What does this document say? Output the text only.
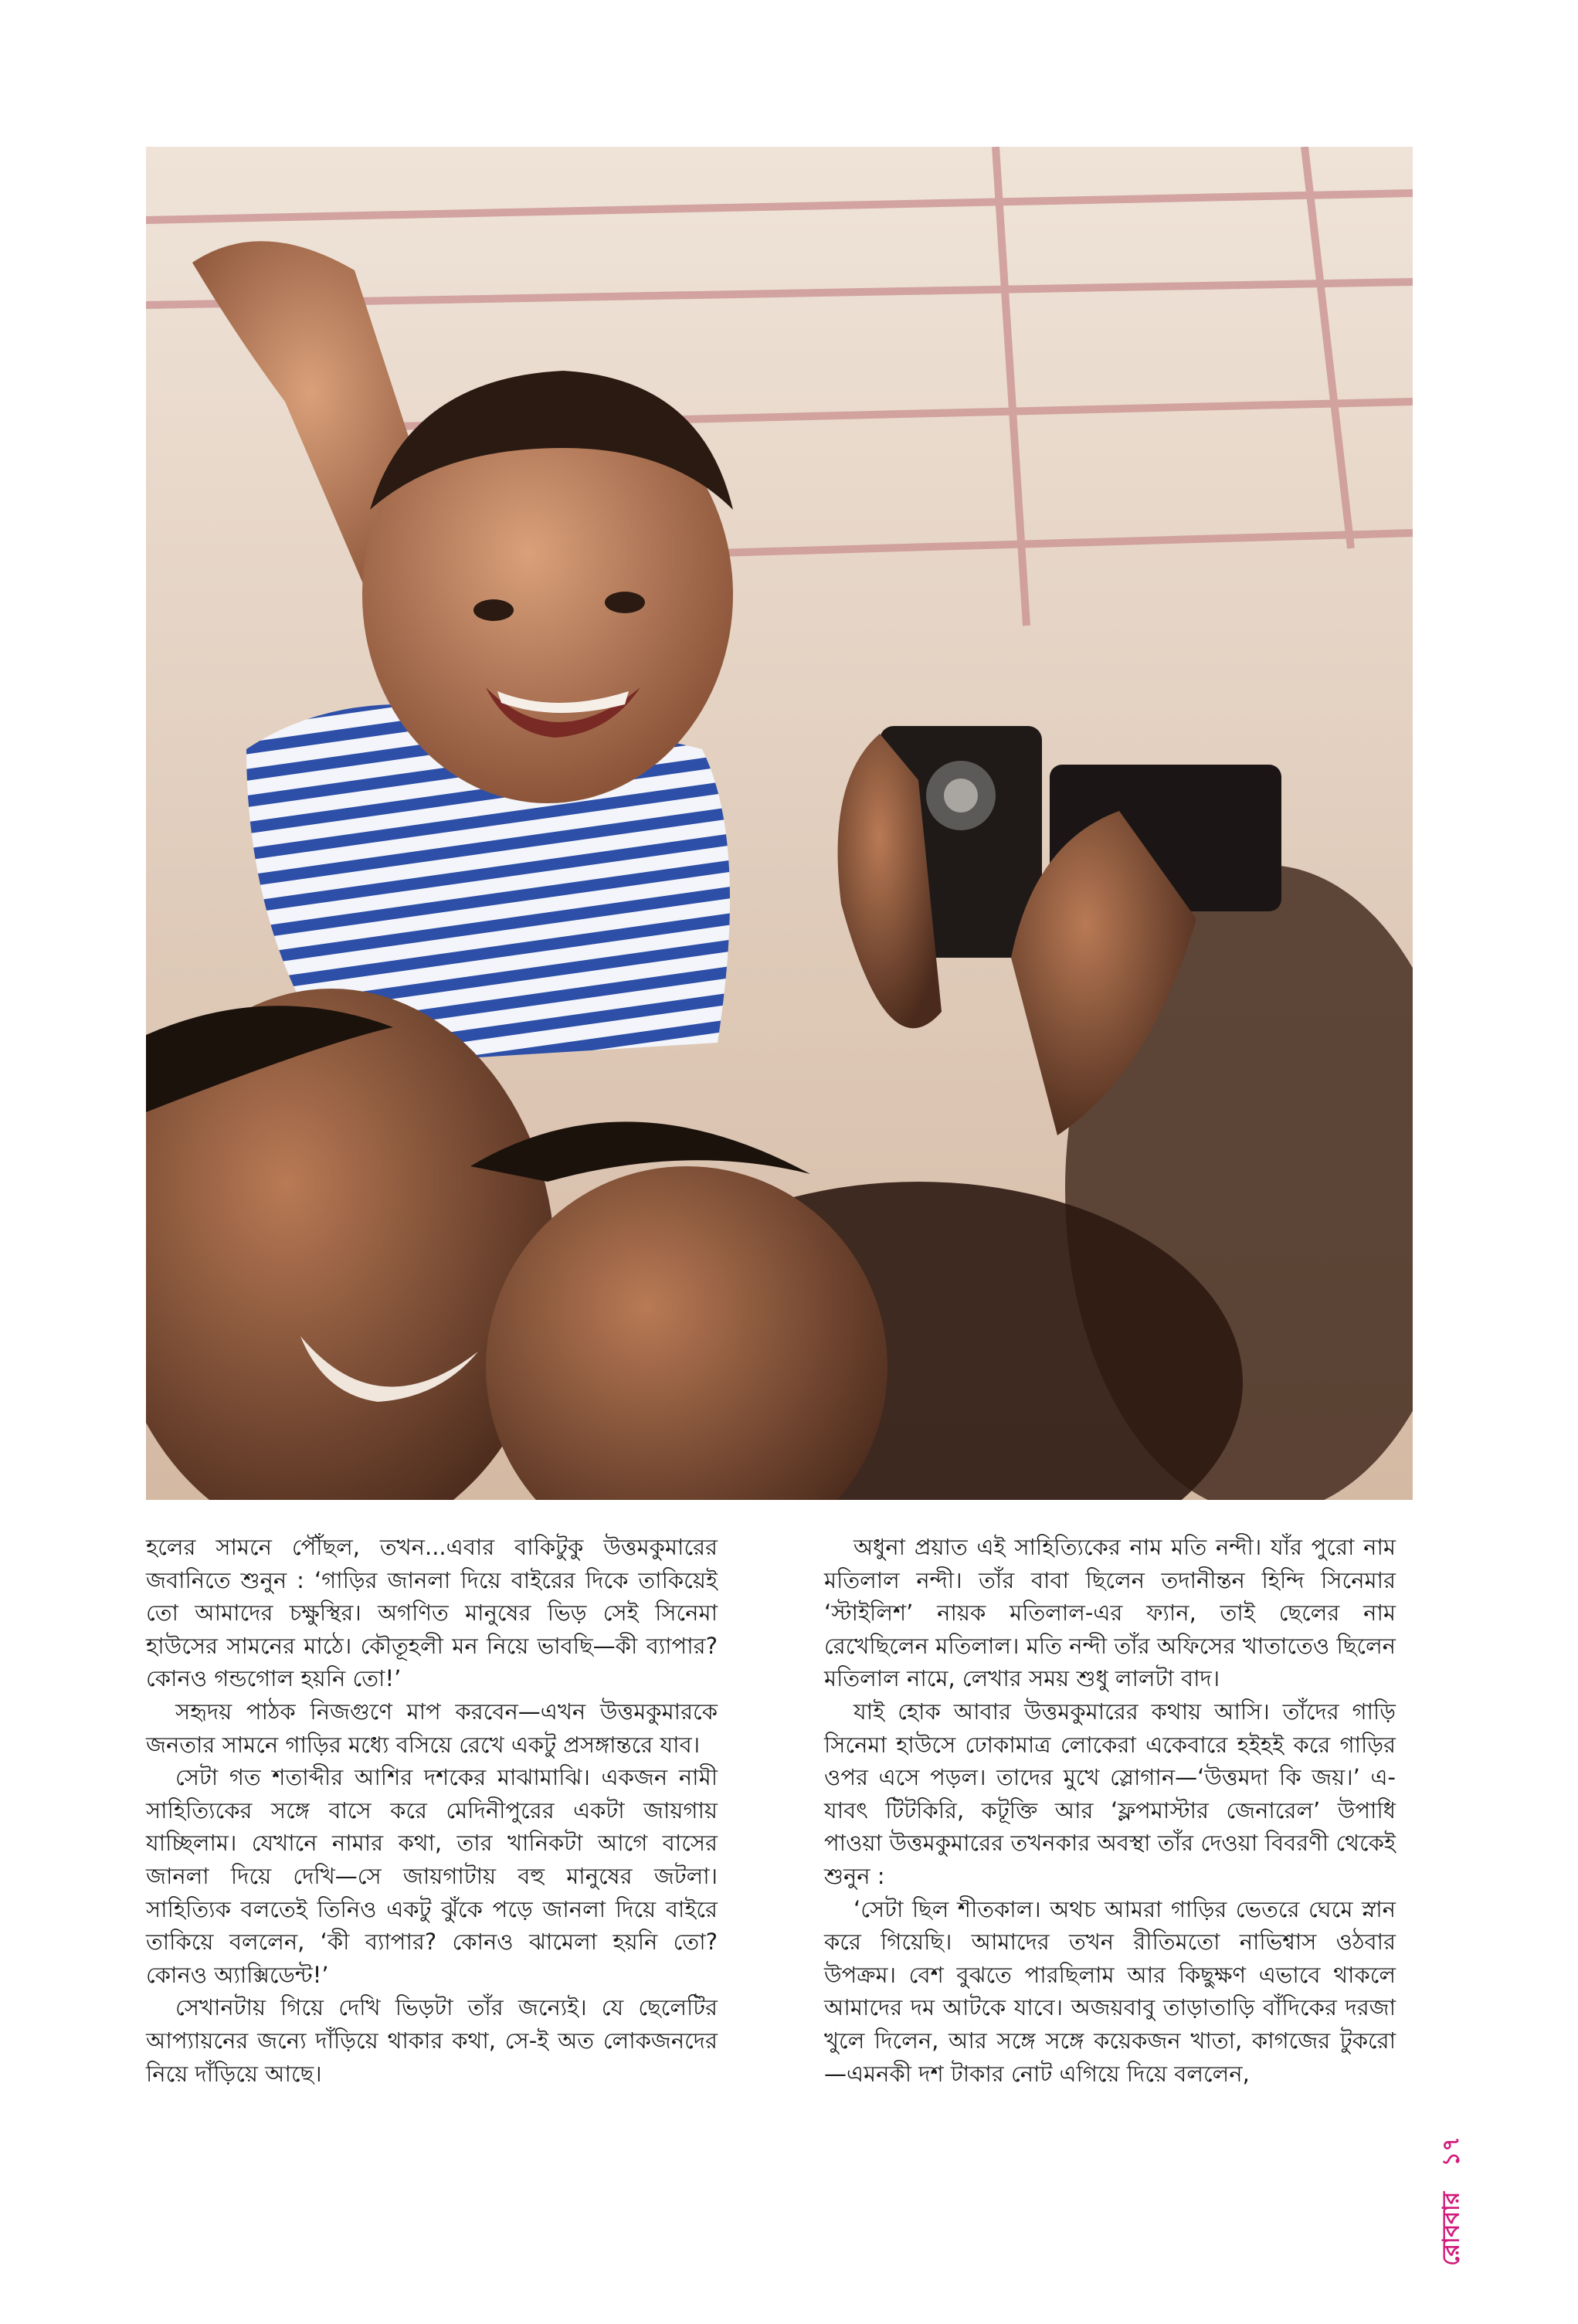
হলের সামনে পৌঁছল, তখন...এবার বাকিটুকু উত্তমকুমারের জবানিতে শুনুন : ‘গাড়ির জানলা দিয়ে বাইরের দিকে তাকিয়েই তো আমাদের চক্ষুস্থির। অগণিত মানুষের ভিড় সেই সিনেমা হাউসের সামনের মাঠে। কৌতূহলী মন নিয়ে ভাবছি—কী ব্যাপার? কোনও গন্ডগোল হয়নি তো!’

সহৃদয় পাঠক নিজগুণে মাপ করবেন—এখন উত্তমকুমারকে জনতার সামনে গাড়ির মধ্যে বসিয়ে রেখে একটু প্রসঙ্গান্তরে যাব।

সেটা গত শতাব্দীর আশির দশকের মাঝামাঝি। একজন নামী সাহিত্যিকের সঙ্গে বাসে করে মেদিনীপুরের একটা জায়গায় যাচ্ছিলাম। যেখানে নামার কথা, তার খানিকটা আগে বাসের জানলা দিয়ে দেখি—সে জায়গাটায় বহু মানুষের জটলা। সাহিত্যিক বলতেই তিনিও একটু ঝুঁকে পড়ে জানলা দিয়ে বাইরে তাকিয়ে বললেন, ‘কী ব্যাপার? কোনও ঝামেলা হয়নি তো? কোনও অ্যাক্সিডেন্ট!’

সেখানটায় গিয়ে দেখি ভিড়টা তাঁর জন্যেই। যে ছেলেটির আপ্যায়নের জন্যে দাঁড়িয়ে থাকার কথা, সে-ই অত লোকজনদের নিয়ে দাঁড়িয়ে আছে।

অধুনা প্রয়াত এই সাহিত্যিকের নাম মতি নন্দী। যাঁর পুরো নাম মতিলাল নন্দী। তাঁর বাবা ছিলেন তদানীন্তন হিন্দি সিনেমার ‘স্টাইলিশ’ নায়ক মতিলাল-এর ফ্যান, তাই ছেলের নাম রেখেছিলেন মতিলাল। মতি নন্দী তাঁর অফিসের খাতাতেও ছিলেন মতিলাল নামে, লেখার সময় শুধু লালটা বাদ।

যাই হোক আবার উত্তমকুমারের কথায় আসি। তাঁদের গাড়ি সিনেমা হাউসে ঢোকামাত্র লোকেরা একেবারে হইহই করে গাড়ির ওপর এসে পড়ল। তাদের মুখে স্লোগান—‘উত্তমদা কি জয়।’ এ-যাবৎ টিটকিরি, কটূক্তি আর ‘ফ্লপমাস্টার জেনারেল’ উপাধি পাওয়া উত্তমকুমারের তখনকার অবস্থা তাঁর দেওয়া বিবরণী থেকেই শুনুন :

‘সেটা ছিল শীতকাল। অথচ আমরা গাড়ির ভেতরে ঘেমে স্নান করে গিয়েছি। আমাদের তখন রীতিমতো নাভিশ্বাস ওঠবার উপক্রম। বেশ বুঝতে পারছিলাম আর কিছুক্ষণ এভাবে থাকলে আমাদের দম আটকে যাবে। অজয়বাবু তাড়াতাড়ি বাঁদিকের দরজা খুলে দিলেন, আর সঙ্গে সঙ্গে কয়েকজন খাতা, কাগজের টুকরো—এমনকী দশ টাকার নোট এগিয়ে দিয়ে বললেন,

রোববার ১৭
